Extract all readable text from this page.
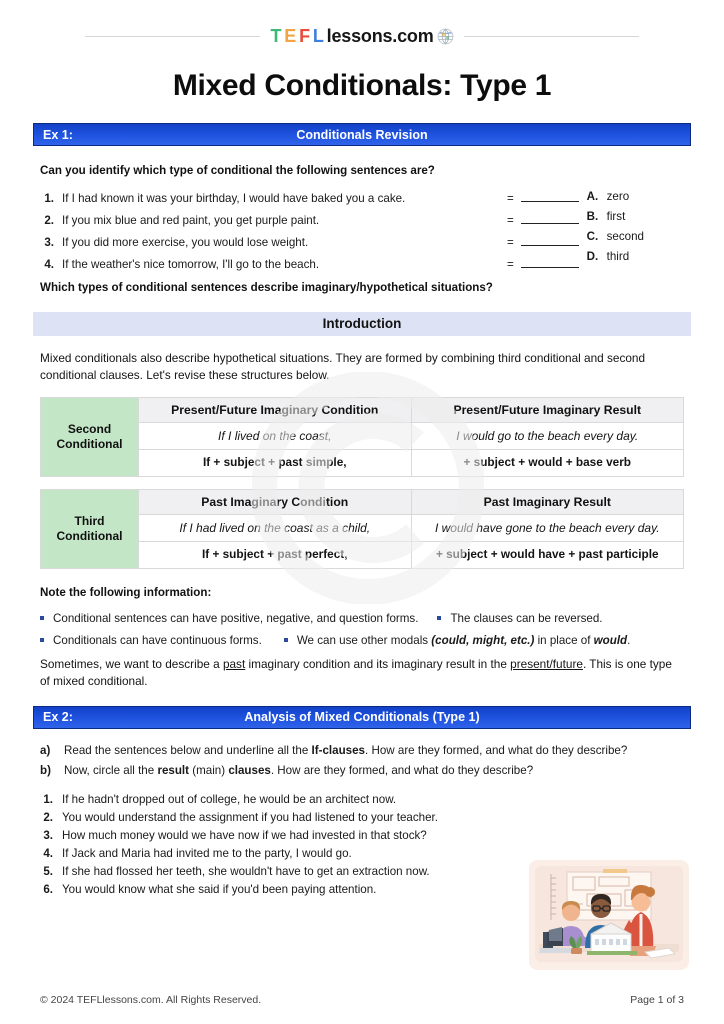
T E F L lessons.com
Mixed Conditionals: Type 1
Ex 1:	Conditionals Revision
Can you identify which type of conditional the following sentences are?
1. If I had known it was your birthday, I would have baked you a cake.	=
2. If you mix blue and red paint, you get purple paint.	=
3. If you did more exercise, you would lose weight.	=
4. If the weather's nice tomorrow, I'll go to the beach.	=
A. zero
B. first
C. second
D. third
Which types of conditional sentences describe imaginary/hypothetical situations?
Introduction
Mixed conditionals also describe hypothetical situations. They are formed by combining third conditional and second conditional clauses. Let's revise these structures below.
Second Conditional	Present/Future Imaginary Condition	Present/Future Imaginary Result
	If I lived on the coast,	I would go to the beach every day.
	If + subject + past simple,	+ subject + would + base verb
Third Conditional	Past Imaginary Condition	Past Imaginary Result
	If I had lived on the coast as a child,	I would have gone to the beach every day.
	If + subject + past perfect,	+ subject + would have + past participle
Note the following information:
Conditional sentences can have positive, negative, and question forms.	The clauses can be reversed.
Conditionals can have continuous forms.	We can use other modals (could, might, etc.) in place of would.
Sometimes, we want to describe a past imaginary condition and its imaginary result in the present/future. This is one type of mixed conditional.
Ex 2:	Analysis of Mixed Conditionals (Type 1)
a)	Read the sentences below and underline all the If-clauses. How are they formed, and what do they describe?
b)	Now, circle all the result (main) clauses. How are they formed, and what do they describe?
1. If he hadn't dropped out of college, he would be an architect now.
2. You would understand the assignment if you had listened to your teacher.
3. How much money would we have now if we had invested in that stock?
4. If Jack and Maria had invited me to the party, I would go.
5. If she had flossed her teeth, she wouldn't have to get an extraction now.
6. You would know what she said if you'd been paying attention.
© 2024 TEFLlessons.com. All Rights Reserved.	Page 1 of 3
